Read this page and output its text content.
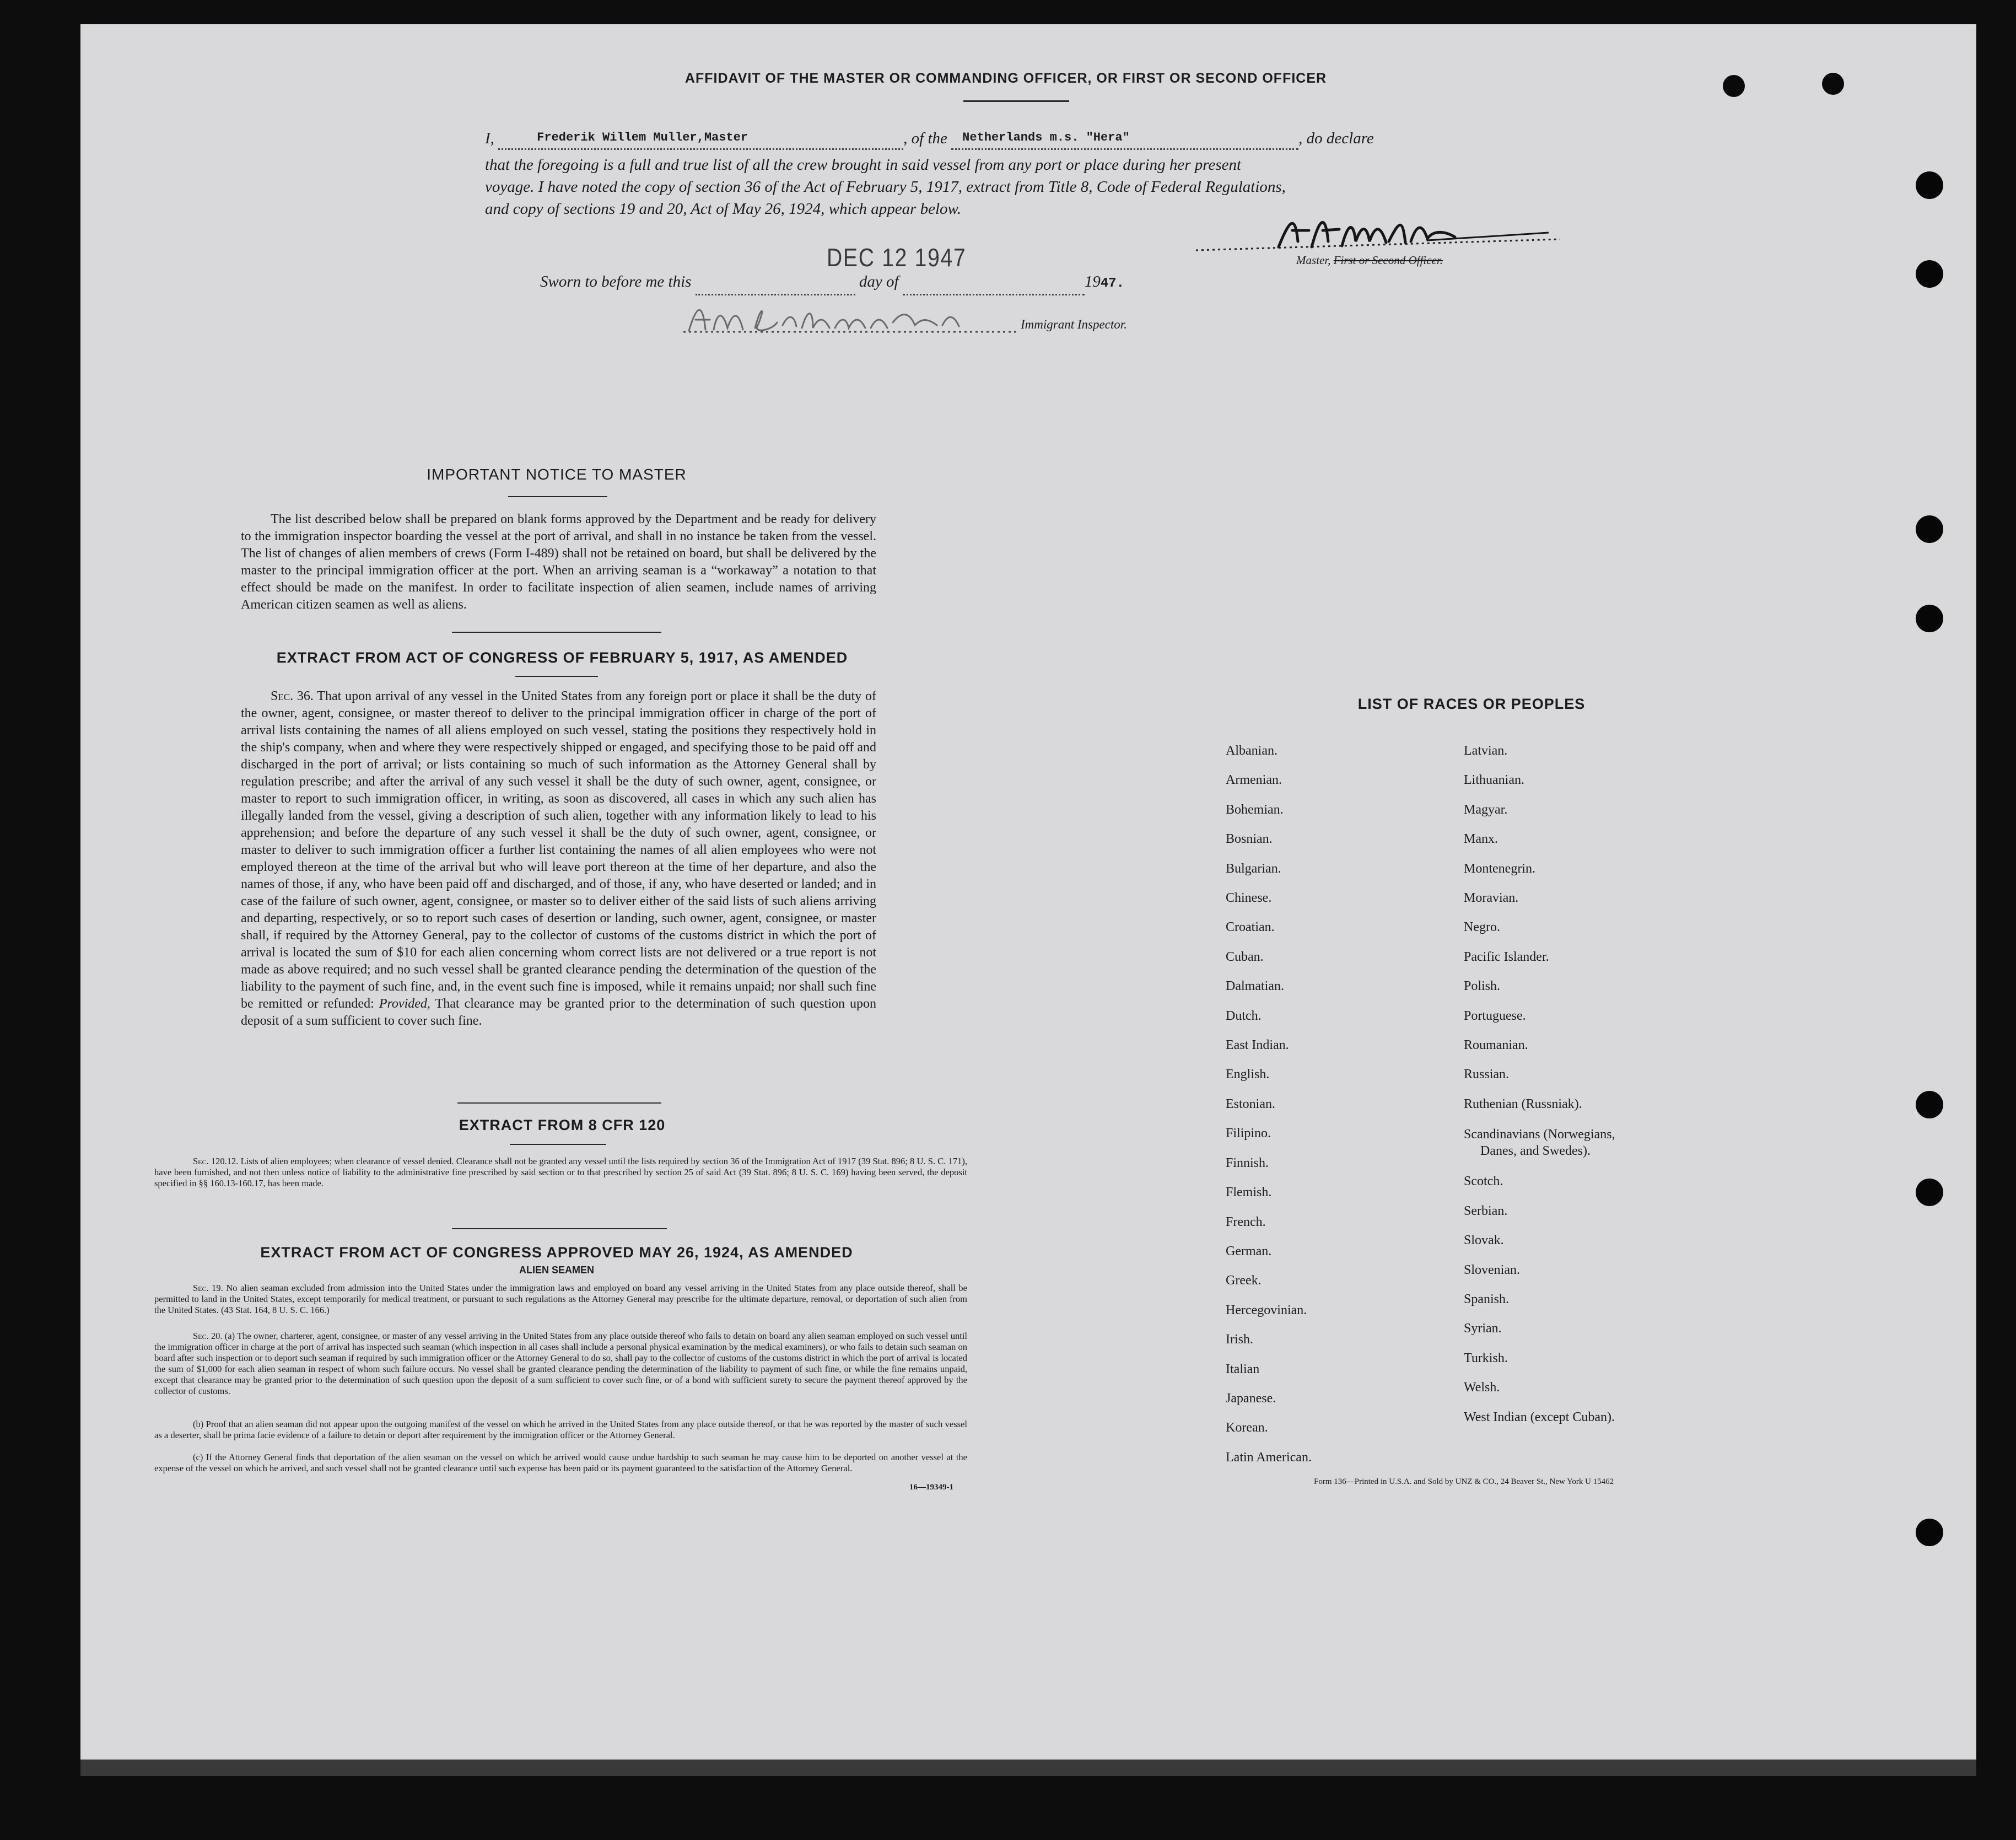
AFFIDAVIT OF THE MASTER OR COMMANDING OFFICER, OR FIRST OR SECOND OFFICER
I,	Frederik Willem Muller,Master	, of the Netherlands m.s. "Hera"	, do declare
that the foregoing is a full and true list of all the crew brought in said vessel from any port or place during her present
voyage. I have noted the copy of section 36 of the Act of February 5, 1917, extract from Title 8, Code of Federal Regulations,
and copy of sections 19 and 20, Act of May 26, 1924, which appear below.
Master, First or Second Officer.
DEC 12 1947
Sworn to before me this	day of	1947.
Immigrant Inspector.
IMPORTANT NOTICE TO MASTER
The list described below shall be prepared on blank forms approved by the Department and be ready for delivery to the immigration inspector boarding the vessel at the port of arrival, and shall in no instance be taken from the vessel. The list of changes of alien members of crews (Form I-489) shall not be retained on board, but shall be delivered by the master to the principal immigration officer at the port. When an arriving seaman is a “workaway” a notation to that effect should be made on the manifest. In order to facilitate inspection of alien seamen, include names of arriving American citizen seamen as well as aliens.
EXTRACT FROM ACT OF CONGRESS OF FEBRUARY 5, 1917, AS AMENDED
Sec. 36. That upon arrival of any vessel in the United States from any foreign port or place it shall be the duty of the owner, agent, consignee, or master thereof to deliver to the principal immigration officer in charge of the port of arrival lists containing the names of all aliens employed on such vessel, stating the positions they respectively hold in the ship's company, when and where they were respectively shipped or engaged, and specifying those to be paid off and discharged in the port of arrival; or lists containing so much of such information as the Attorney General shall by regulation prescribe; and after the arrival of any such vessel it shall be the duty of such owner, agent, consignee, or master to report to such immigration officer, in writing, as soon as discovered, all cases in which any such alien has illegally landed from the vessel, giving a description of such alien, together with any information likely to lead to his apprehension; and before the departure of any such vessel it shall be the duty of such owner, agent, consignee, or master to deliver to such immigration officer a further list containing the names of all alien employees who were not employed thereon at the time of the arrival but who will leave port thereon at the time of her departure, and also the names of those, if any, who have been paid off and discharged, and of those, if any, who have deserted or landed; and in case of the failure of such owner, agent, consignee, or master so to deliver either of the said lists of such aliens arriving and departing, respectively, or so to report such cases of desertion or landing, such owner, agent, consignee, or master shall, if required by the Attorney General, pay to the collector of customs of the customs district in which the port of arrival is located the sum of $10 for each alien concerning whom correct lists are not delivered or a true report is not made as above required; and no such vessel shall be granted clearance pending the determination of the question of the liability to the payment of such fine, and, in the event such fine is imposed, while it remains unpaid; nor shall such fine be remitted or refunded: Provided, That clearance may be granted prior to the determination of such question upon deposit of a sum sufficient to cover such fine.
EXTRACT FROM 8 CFR 120
Sec. 120.12. Lists of alien employees; when clearance of vessel denied. Clearance shall not be granted any vessel until the lists required by section 36 of the Immigration Act of 1917 (39 Stat. 896; 8 U. S. C. 171), have been furnished, and not then unless notice of liability to the administrative fine prescribed by said section or to that prescribed by section 25 of said Act (39 Stat. 896; 8 U. S. C. 169) having been served, the deposit specified in §§ 160.13-160.17, has been made.
EXTRACT FROM ACT OF CONGRESS APPROVED MAY 26, 1924, AS AMENDED
ALIEN SEAMEN
Sec. 19. No alien seaman excluded from admission into the United States under the immigration laws and employed on board any vessel arriving in the United States from any place outside thereof, shall be permitted to land in the United States, except temporarily for medical treatment, or pursuant to such regulations as the Attorney General may prescribe for the ultimate departure, removal, or deportation of such alien from the United States. (43 Stat. 164, 8 U. S. C. 166.)
Sec. 20. (a) The owner, charterer, agent, consignee, or master of any vessel arriving in the United States from any place outside thereof who fails to detain on board any alien seaman employed on such vessel until the immigration officer in charge at the port of arrival has inspected such seaman (which inspection in all cases shall include a personal physical examination by the medical examiners), or who fails to detain such seaman on board after such inspection or to deport such seaman if required by such immigration officer or the Attorney General to do so, shall pay to the collector of customs of the customs district in which the port of arrival is located the sum of $1,000 for each alien seaman in respect of whom such failure occurs. No vessel shall be granted clearance pending the determination of the liability to payment of such fine, or while the fine remains unpaid, except that clearance may be granted prior to the determination of such question upon the deposit of a sum sufficient to cover such fine, or of a bond with sufficient surety to secure the payment thereof approved by the collector of customs.
(b) Proof that an alien seaman did not appear upon the outgoing manifest of the vessel on which he arrived in the United States from any place outside thereof, or that he was reported by the master of such vessel as a deserter, shall be prima facie evidence of a failure to detain or deport after requirement by the immigration officer or the Attorney General.
(c) If the Attorney General finds that deportation of the alien seaman on the vessel on which he arrived would cause undue hardship to such seaman he may cause him to be deported on another vessel at the expense of the vessel on which he arrived, and such vessel shall not be granted clearance until such expense has been paid or its payment guaranteed to the satisfaction of the Attorney General.
16—19349-1
LIST OF RACES OR PEOPLES
Albanian.
Armenian.
Bohemian.
Bosnian.
Bulgarian.
Chinese.
Croatian.
Cuban.
Dalmatian.
Dutch.
East Indian.
English.
Estonian.
Filipino.
Finnish.
Flemish.
French.
German.
Greek.
Hercegovinian.
Irish.
Italian
Japanese.
Korean.
Latin American.
Latvian.
Lithuanian.
Magyar.
Manx.
Montenegrin.
Moravian.
Negro.
Pacific Islander.
Polish.
Portuguese.
Roumanian.
Russian.
Ruthenian (Russniak).
Scandinavians (Norwegians,
Danes, and Swedes).
Scotch.
Serbian.
Slovak.
Slovenian.
Spanish.
Syrian.
Turkish.
Welsh.
West Indian (except Cuban).
Form 136—Printed in U.S.A. and Sold by UNZ & CO., 24 Beaver St., New York U 15462
